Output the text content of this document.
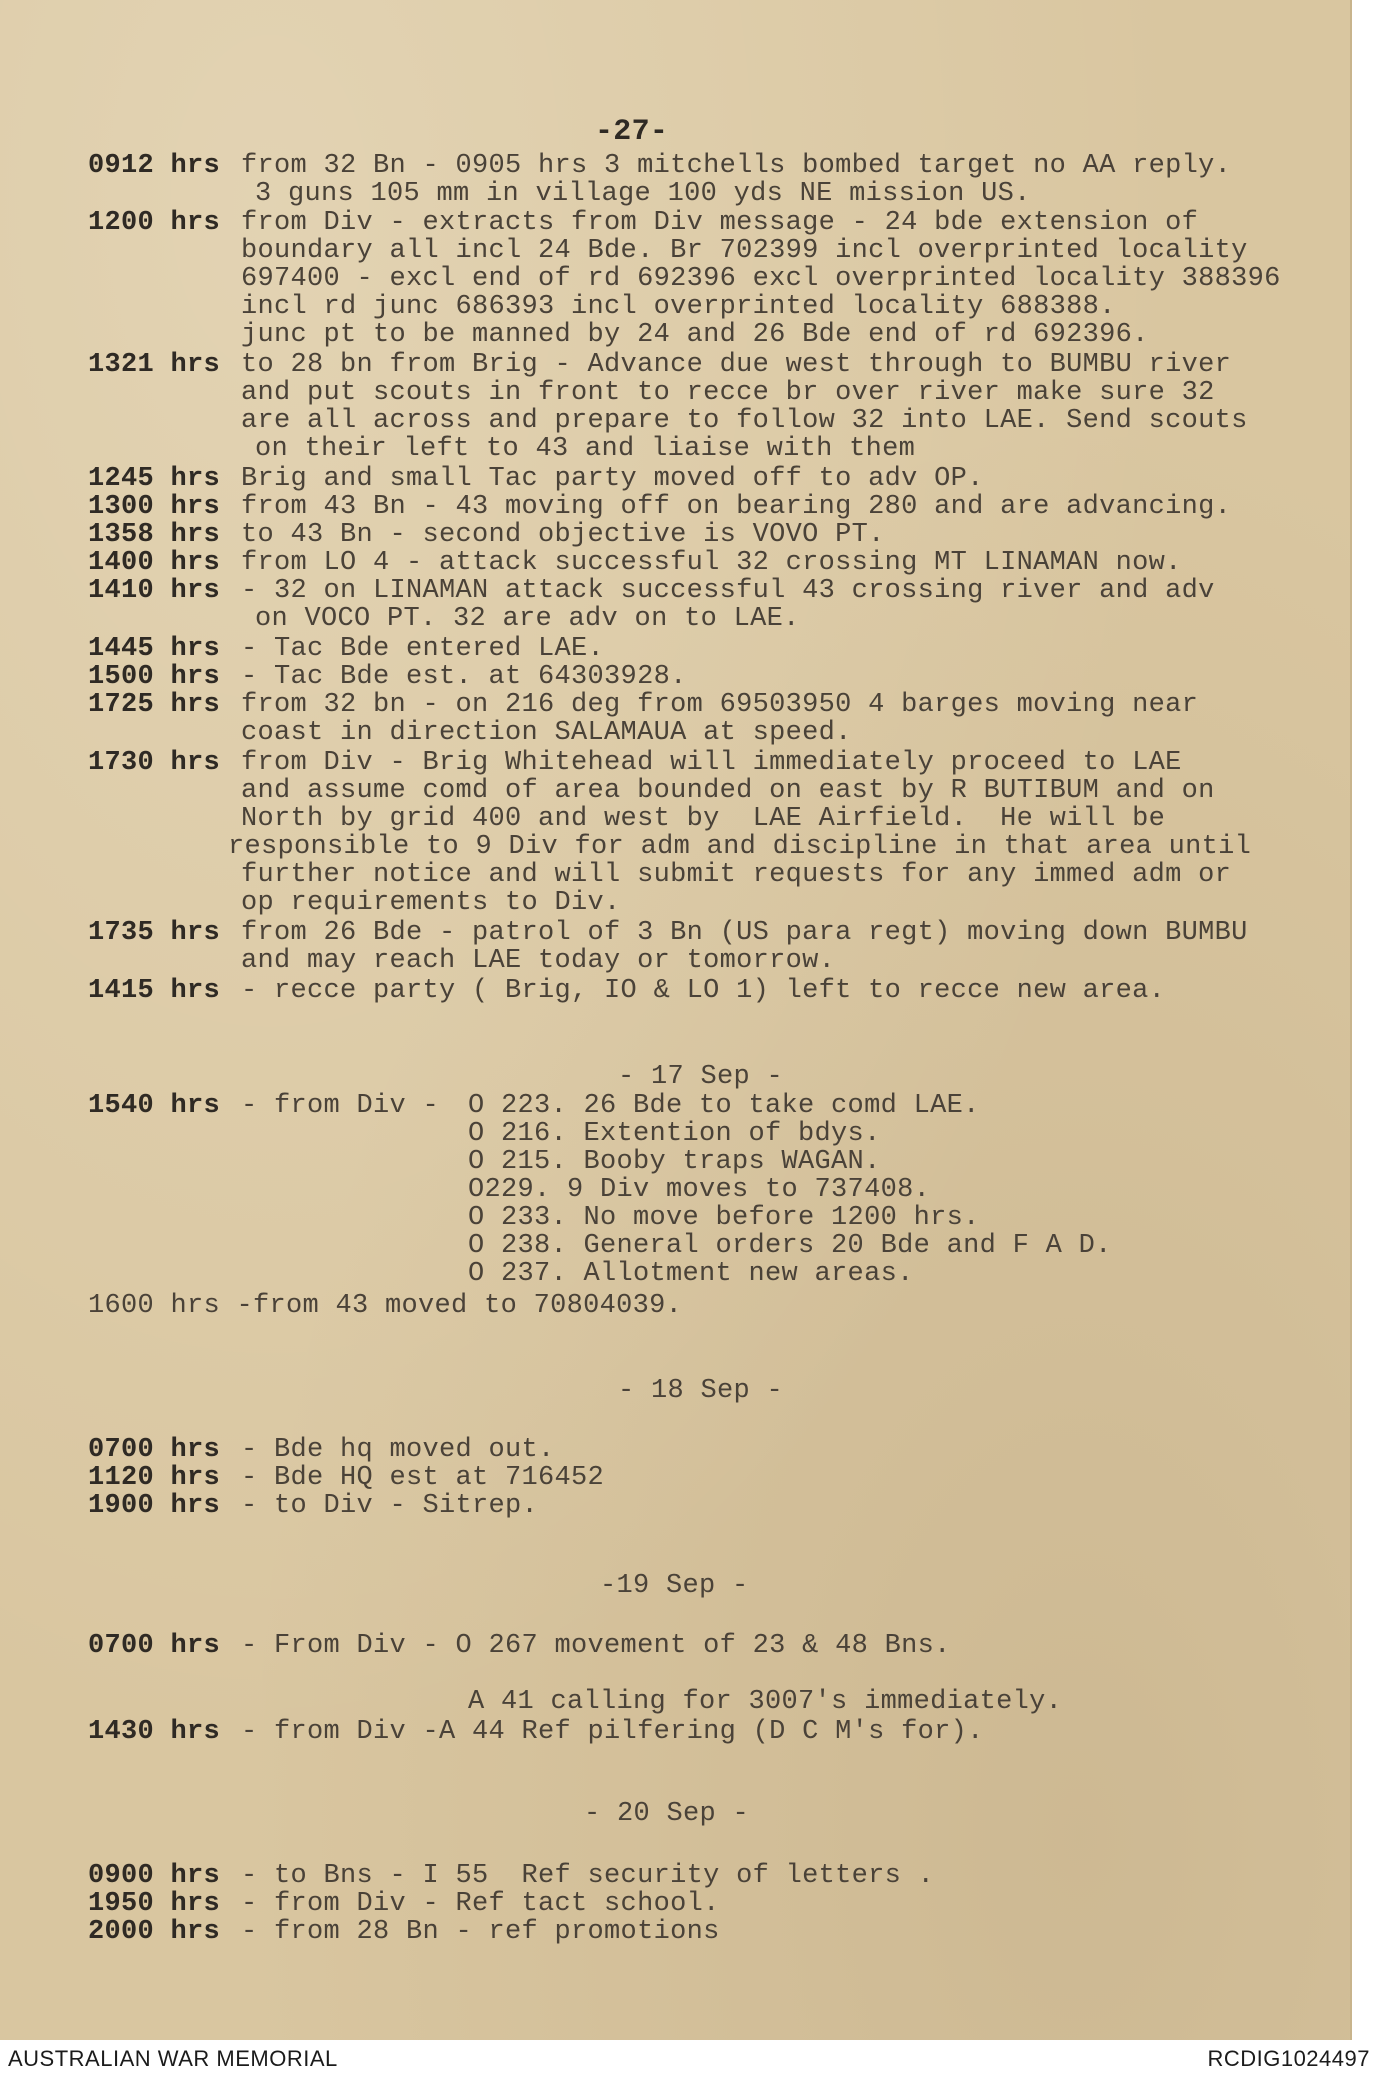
-27-
0912 hrs from 32 Bn - 0905 hrs 3 mitchells bombed target no AA reply.
3 guns 105 mm in village 100 yds NE mission US.
1200 hrs from Div - extracts from Div message - 24 bde extension of
boundary all incl 24 Bde. Br 702399 incl overprinted locality
697400 - excl end of rd 692396 excl overprinted locality 388396
incl rd junc 686393 incl overprinted locality 688388.
junc pt to be manned by 24 and 26 Bde end of rd 692396.
1321 hrs to 28 bn from Brig - Advance due west through to BUMBU river
and put scouts in front to recce br over river make sure 32
are all across and prepare to follow 32 into LAE. Send scouts
on their left to 43 and liaise with them
1245 hrs Brig and small Tac party moved off to adv OP.
1300 hrs from 43 Bn - 43 moving off on bearing 280 and are advancing.
1358 hrs to 43 Bn - second objective is VOVO PT.
1400 hrs from LO 4 - attack successful 32 crossing MT LINAMAN now.
1410 hrs - 32 on LINAMAN attack successful 43 crossing river and adv
on VOCO PT. 32 are adv on to LAE.
1445 hrs - Tac Bde entered LAE.
1500 hrs - Tac Bde est. at 64303928.
1725 hrs from 32 bn - on 216 deg from 69503950 4 barges moving near
coast in direction SALAMAUA at speed.
1730 hrs from Div - Brig Whitehead will immediately proceed to LAE
and assume comd of area bounded on east by R BUTIBUM and on
North by grid 400 and west by  LAE Airfield.  He will be
responsible to 9 Div for adm and discipline in that area until
further notice and will submit requests for any immed adm or
op requirements to Div.
1735 hrs from 26 Bde - patrol of 3 Bn (US para regt) moving down BUMBU
and may reach LAE today or tomorrow.
1415 hrs - recce party ( Brig, IO & LO 1) left to recce new area.
- 17 Sep -
1540 hrs - from Div - O 223. 26 Bde to take comd LAE.
O 216. Extention of bdys.
O 215. Booby traps WAGAN.
O229. 9 Div moves to 737408.
O 233. No move before 1200 hrs.
O 238. General orders 20 Bde and F A D.
O 237. Allotment new areas.
1600 hrs -from 43 moved to 70804039.
- 18 Sep -
0700 hrs - Bde hq moved out.
1120 hrs - Bde HQ est at 716452
1900 hrs - to Div - Sitrep.
-19 Sep -
0700 hrs - From Div - O 267 movement of 23 & 48 Bns.
A 41 calling for 3007's immediately.
1430 hrs - from Div -A 44 Ref pilfering (D C M's for).
- 20 Sep -
0900 hrs - to Bns - I 55  Ref security of letters .
1950 hrs - from Div - Ref tact school.
2000 hrs - from 28 Bn - ref promotions
AUSTRALIAN WAR MEMORIAL	RCDIG1024497
